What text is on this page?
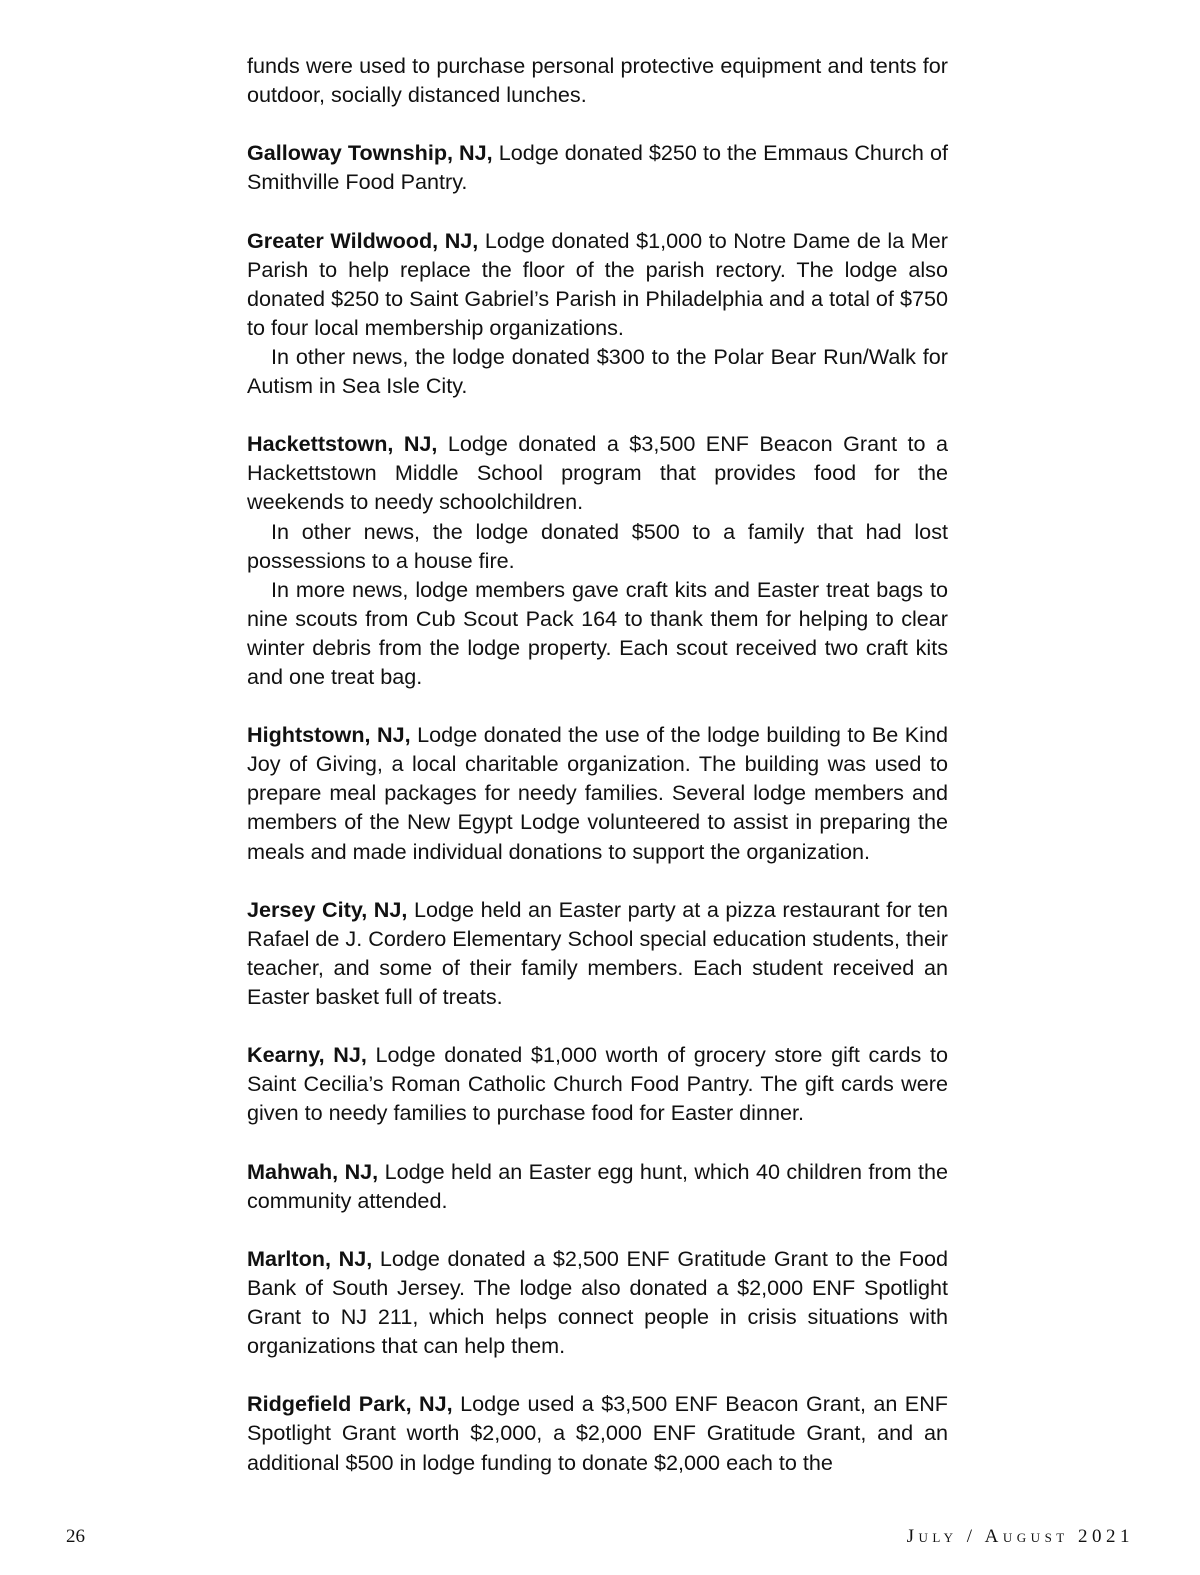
funds were used to purchase personal protective equipment and tents for outdoor, socially distanced lunches.

Galloway Township, NJ, Lodge donated $250 to the Emmaus Church of Smithville Food Pantry.

Greater Wildwood, NJ, Lodge donated $1,000 to Notre Dame de la Mer Parish to help replace the floor of the parish rectory. The lodge also donated $250 to Saint Gabriel’s Parish in Philadelphia and a total of $750 to four local membership organizations.

In other news, the lodge donated $300 to the Polar Bear Run/Walk for Autism in Sea Isle City.

Hackettstown, NJ, Lodge donated a $3,500 ENF Beacon Grant to a Hackettstown Middle School program that provides food for the weekends to needy schoolchildren.

In other news, the lodge donated $500 to a family that had lost possessions to a house fire.

In more news, lodge members gave craft kits and Easter treat bags to nine scouts from Cub Scout Pack 164 to thank them for helping to clear winter debris from the lodge property. Each scout received two craft kits and one treat bag.

Hightstown, NJ, Lodge donated the use of the lodge building to Be Kind Joy of Giving, a local charitable organization. The building was used to prepare meal packages for needy families. Several lodge members and members of the New Egypt Lodge volunteered to assist in preparing the meals and made individual donations to support the organization.

Jersey City, NJ, Lodge held an Easter party at a pizza restaurant for ten Rafael de J. Cordero Elementary School special education students, their teacher, and some of their family members. Each student received an Easter basket full of treats.

Kearny, NJ, Lodge donated $1,000 worth of grocery store gift cards to Saint Cecilia’s Roman Catholic Church Food Pantry. The gift cards were given to needy families to purchase food for Easter dinner.

Mahwah, NJ, Lodge held an Easter egg hunt, which 40 children from the community attended.

Marlton, NJ, Lodge donated a $2,500 ENF Gratitude Grant to the Food Bank of South Jersey. The lodge also donated a $2,000 ENF Spotlight Grant to NJ 211, which helps connect people in crisis situations with organizations that can help them.

Ridgefield Park, NJ, Lodge used a $3,500 ENF Beacon Grant, an ENF Spotlight Grant worth $2,000, a $2,000 ENF Gratitude Grant, and an additional $500 in lodge funding to donate $2,000 each to the

26	July / August 2021
